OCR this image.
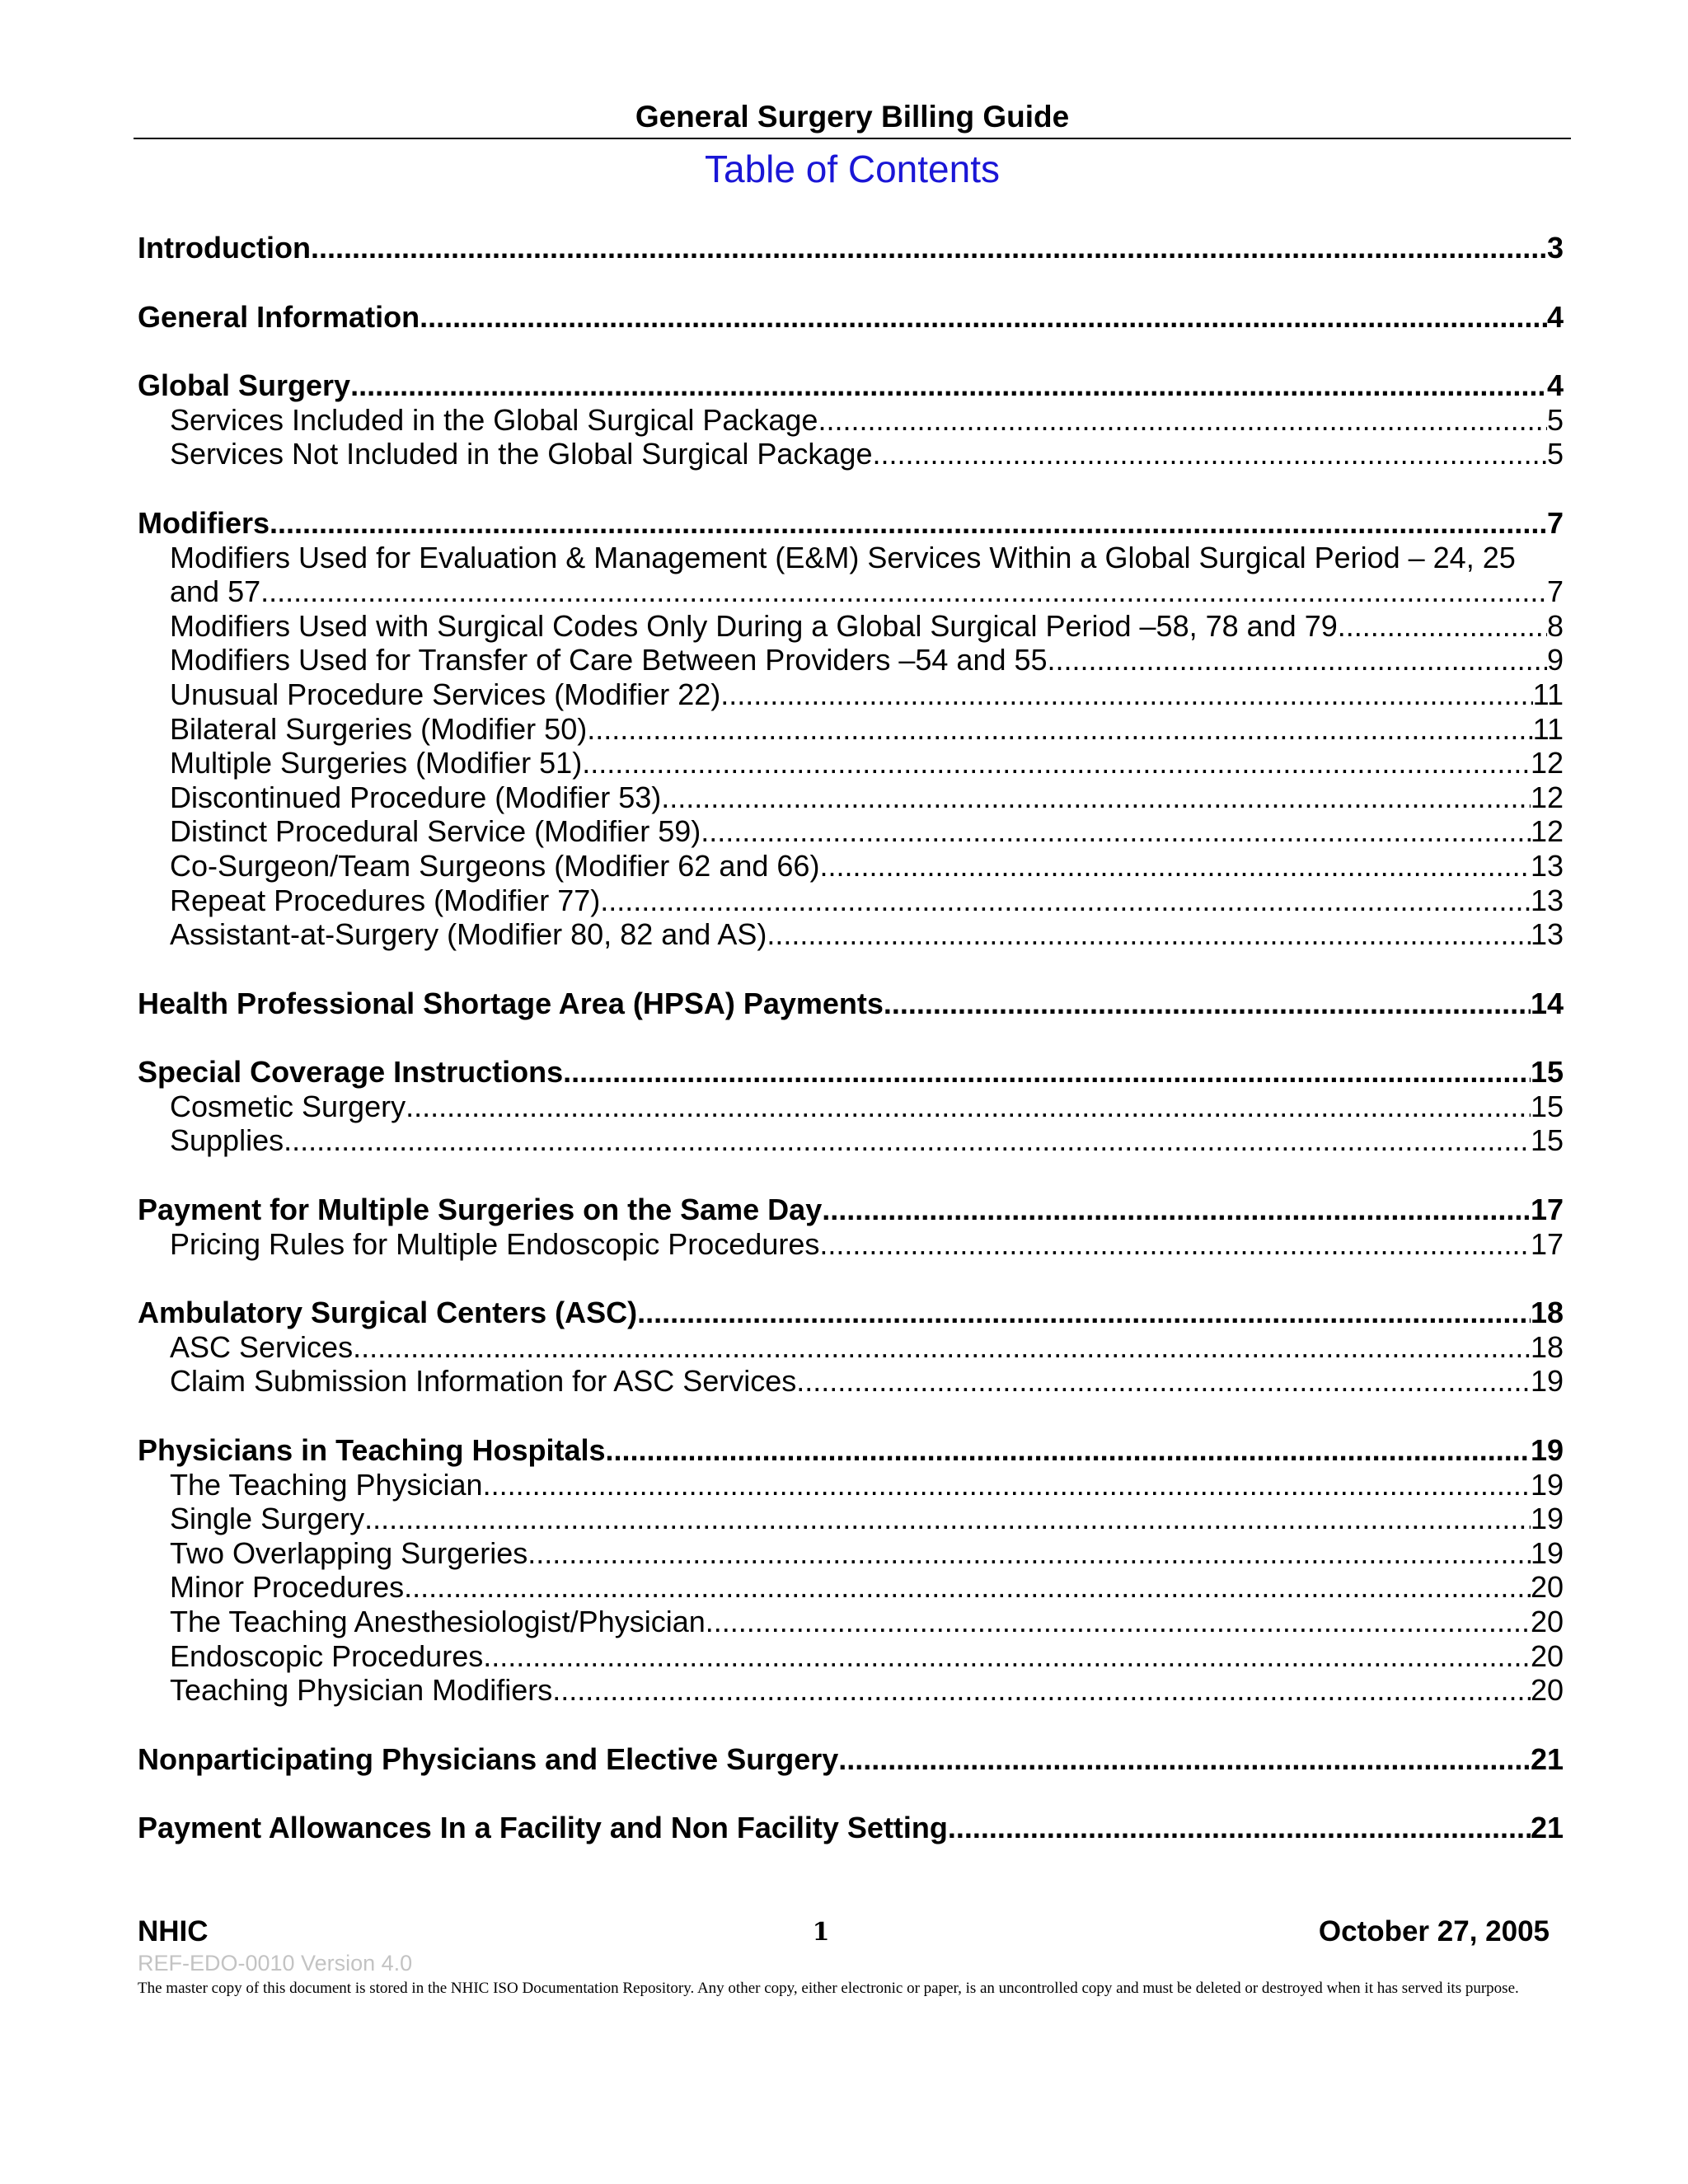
General Surgery Billing Guide
Table of Contents
Introduction .....	3
General Information .....	4
Global Surgery .....	4
Services Included in the Global Surgical Package .....	5
Services Not Included in the Global Surgical Package .....	5
Modifiers .....	7
Modifiers Used for Evaluation & Management (E&M) Services Within a Global Surgical Period – 24, 25
and 57 .....	7
Modifiers Used with Surgical Codes Only During a Global Surgical Period –58, 78 and 79 .....	8
Modifiers Used for Transfer of Care Between Providers –54 and 55 .....	9
Unusual Procedure Services (Modifier 22) .....	11
Bilateral Surgeries (Modifier 50) .....	11
Multiple Surgeries (Modifier 51) .....	12
Discontinued Procedure (Modifier 53) .....	12
Distinct Procedural Service (Modifier 59) .....	12
Co-Surgeon/Team Surgeons (Modifier 62 and 66) .....	13
Repeat Procedures (Modifier 77) .....	13
Assistant-at-Surgery (Modifier 80, 82 and AS) .....	13
Health Professional Shortage Area (HPSA) Payments .....	14
Special Coverage Instructions .....	15
Cosmetic Surgery .....	15
Supplies .....	15
Payment for Multiple Surgeries on the Same Day .....	17
Pricing Rules for Multiple Endoscopic Procedures .....	17
Ambulatory Surgical Centers (ASC) .....	18
ASC Services .....	18
Claim Submission Information for ASC Services .....	19
Physicians in Teaching Hospitals .....	19
The Teaching Physician .....	19
Single Surgery .....	19
Two Overlapping Surgeries .....	19
Minor Procedures .....	20
The Teaching Anesthesiologist/Physician .....	20
Endoscopic Procedures .....	20
Teaching Physician Modifiers .....	20
Nonparticipating Physicians and Elective Surgery .....	21
Payment Allowances In a Facility and Non Facility Setting .....	21
NHIC	1	October 27, 2005
REF-EDO-0010 Version 4.0
The master copy of this document is stored in the NHIC ISO Documentation Repository. Any other copy, either electronic or paper, is an uncontrolled copy and must be deleted or destroyed when it has served its purpose.
